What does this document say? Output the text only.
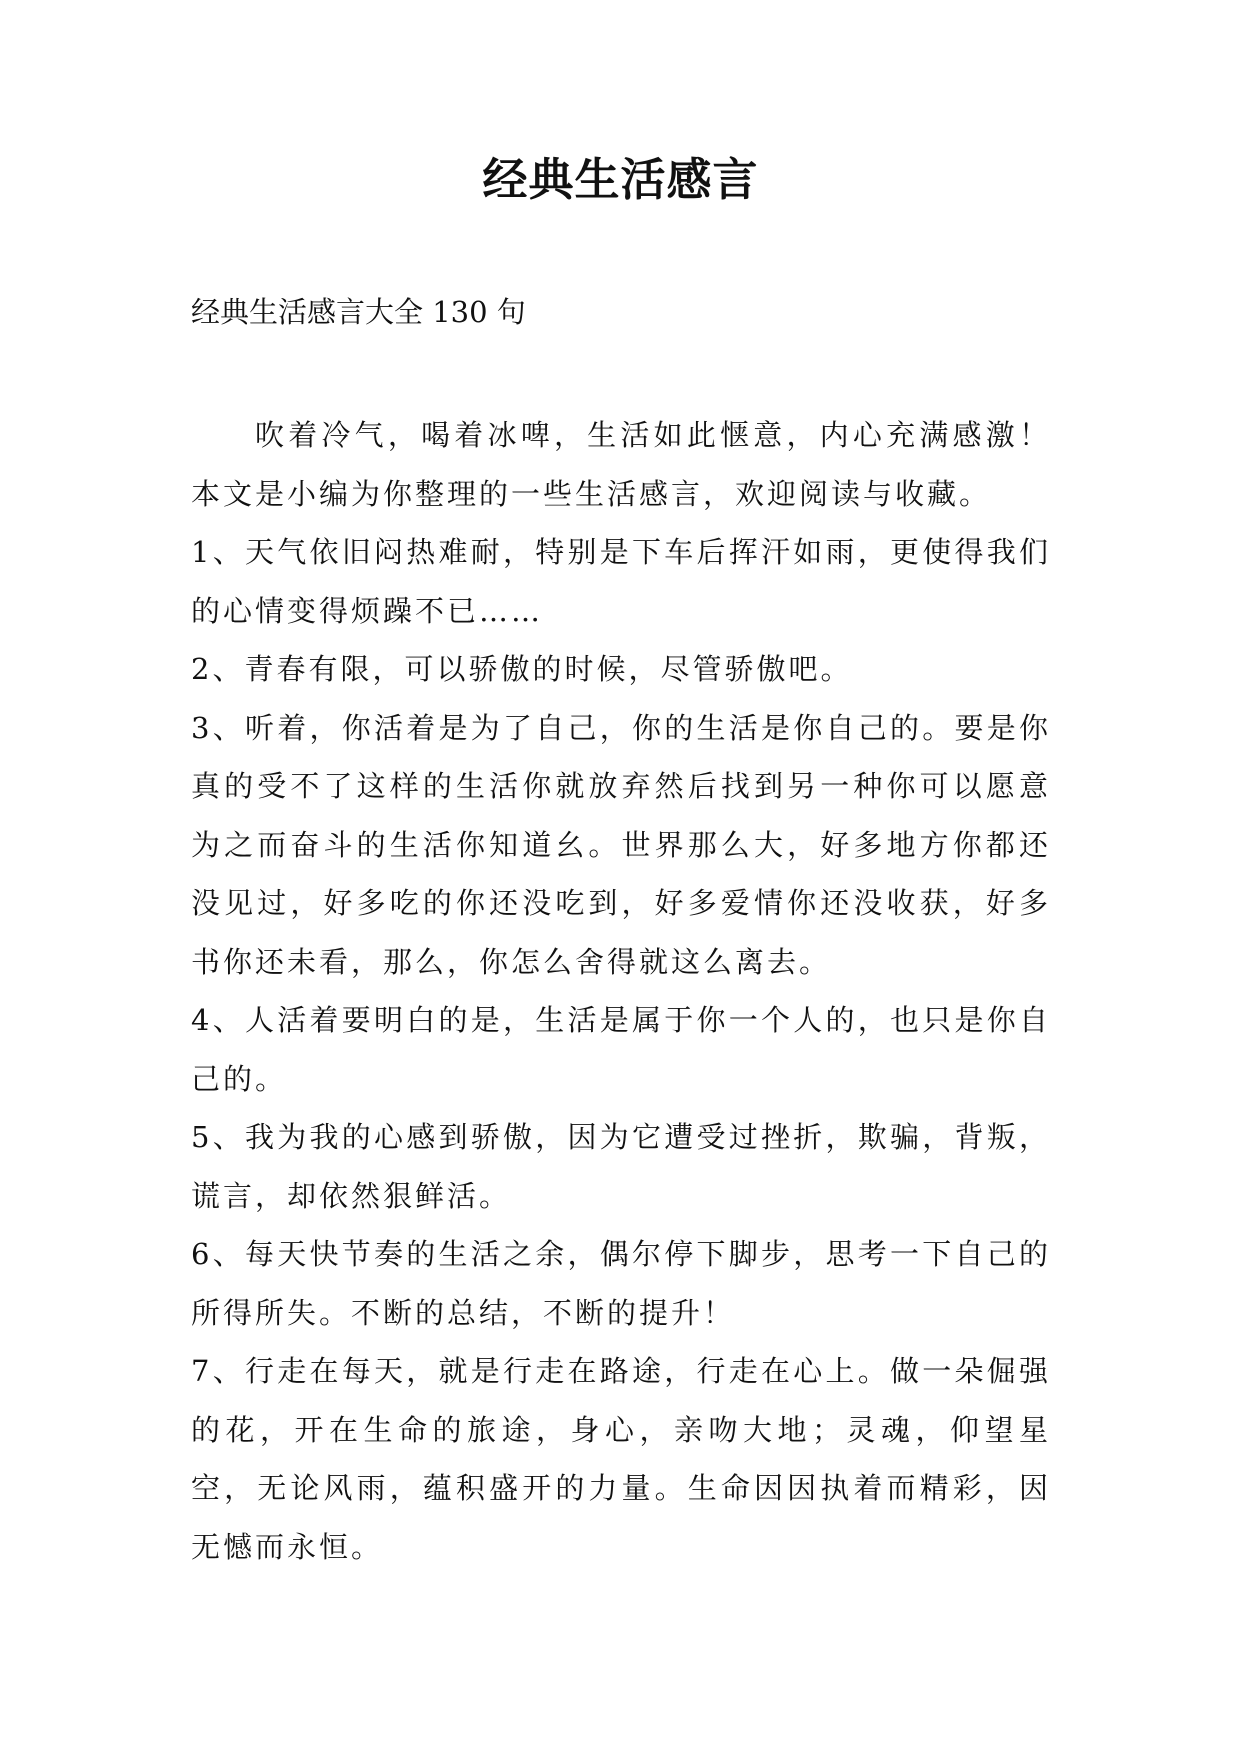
经典生活感言
经典生活感言大全 130 句

吹着冷气，喝着冰啤，生活如此惬意，内心充满感激！本文是小编为你整理的一些生活感言，欢迎阅读与收藏。

1、天气依旧闷热难耐，特别是下车后挥汗如雨，更使得我们的心情变得烦躁不已……

2、青春有限，可以骄傲的时候，尽管骄傲吧。

3、听着，你活着是为了自己，你的生活是你自己的。要是你真的受不了这样的生活你就放弃然后找到另一种你可以愿意为之而奋斗的生活你知道幺。世界那么大，好多地方你都还没见过，好多吃的你还没吃到，好多爱情你还没收获，好多书你还未看，那么，你怎么舍得就这么离去。

4、人活着要明白的是，生活是属于你一个人的，也只是你自己的。

5、我为我的心感到骄傲，因为它遭受过挫折，欺骗，背叛，谎言，却依然狠鲜活。

6、每天快节奏的生活之余，偶尔停下脚步，思考一下自己的所得所失。不断的总结，不断的提升！

7、行走在每天，就是行走在路途，行走在心上。做一朵倔强的花，开在生命的旅途，身心，亲吻大地；灵魂，仰望星空，无论风雨，蕴积盛开的力量。生命因因执着而精彩，因无憾而永恒。
